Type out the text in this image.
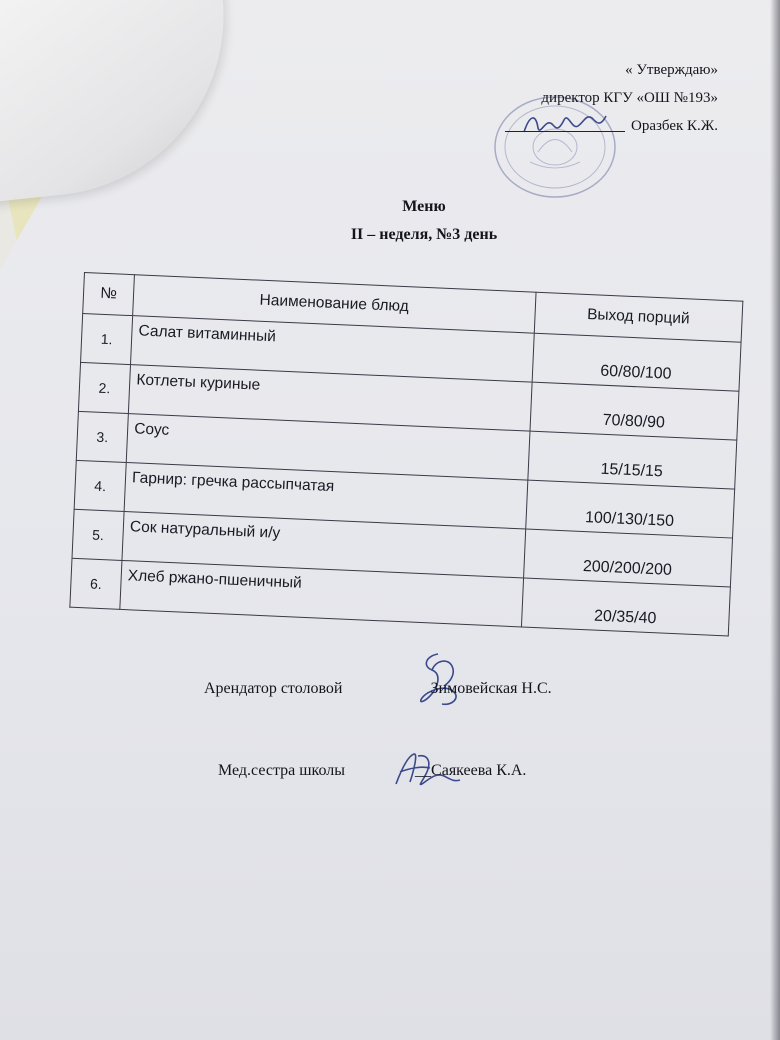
« Утверждаю»
директор КГУ «ОШ №193»
Оразбек К.Ж.
Меню
II – неделя, №3 день
№	Наименование блюд	Выход порций
1.	Салат витаминный	60/80/100
2.	Котлеты куриные	70/80/90
3.	Соус	15/15/15
4.	Гарнир: гречка рассыпчатая	100/130/150
5.	Сок натуральный и/у	200/200/200
6.	Хлеб ржано-пшеничный	20/35/40
Арендатор столовой	Зимовейская Н.С.
Мед.сестра школы	__Саякеева К.А.
